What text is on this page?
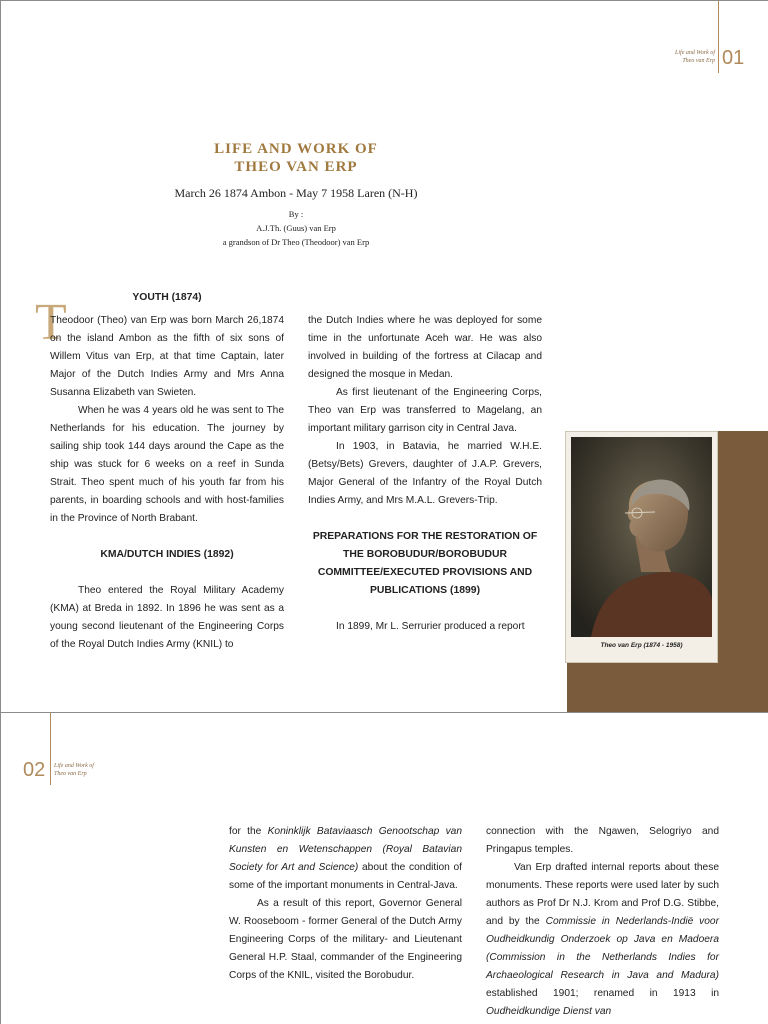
Life and Work of
Theo van Erp 01
LIFE AND WORK OF
THEO VAN ERP
March 26 1874 Ambon - May 7 1958 Laren (N-H)
By :
A.J.Th. (Guus) van Erp
a grandson of Dr Theo (Theodoor) van Erp
T	YOUTH (1874)

Theodoor (Theo) van Erp was born March 26,1874 on the island Ambon as the fifth of six sons of Willem Vitus van Erp, at that time Captain, later Major of the Dutch Indies Army and Mrs Anna Susanna Elizabeth van Swieten.

When he was 4 years old he was sent to The Netherlands for his education. The journey by sailing ship took 144 days around the Cape as the ship was stuck for 6 weeks on a reef in Sunda Strait. Theo spent much of his youth far from his parents, in boarding schools and with host-families in the Province of North Brabant.

KMA/DUTCH INDIES (1892)

Theo entered the Royal Military Academy (KMA) at Breda in 1892. In 1896 he was sent as a young second lieutenant of the Engineering Corps of the Royal Dutch Indies Army (KNIL) to

the Dutch Indies where he was deployed for some time in the unfortunate Aceh war. He was also involved in building of the fortress at Cilacap and designed the mosque in Medan.

As first lieutenant of the Engineering Corps, Theo van Erp was transferred to Magelang, an important military garrison city in Central Java.

In 1903, in Batavia, he married W.H.E. (Betsy/Bets) Grevers, daughter of J.A.P. Grevers, Major General of the Infantry of the Royal Dutch Indies Army, and Mrs M.A.L. Grevers-Trip.

PREPARATIONS FOR THE RESTORATION OF THE BOROBUDUR/BOROBUDUR COMMITTEE/EXECUTED PROVISIONS AND PUBLICATIONS (1899)

In 1899, Mr L. Serrurier produced a report

Theo van Erp (1874 - 1958)
02 Life and Work of
Theo van Erp

for the Koninklijk Bataviaasch Genootschap van Kunsten en Wetenschappen (Royal Batavian Society for Art and Science) about the condition of some of the important monuments in Central-Java.

As a result of this report, Governor General W. Rooseboom - former General of the Dutch Army Engineering Corps of the military- and Lieutenant General H.P. Staal, commander of the Engineering Corps of the KNIL, visited the Borobudur.

connection with the Ngawen, Selogriyo and Pringapus temples.

Van Erp drafted internal reports about these monuments. These reports were used later by such authors as Prof Dr N.J. Krom and Prof D.G. Stibbe, and by the Commissie in Nederlands-Indië voor Oudheidkundig Onderzoek op Java en Madoera (Commission in the Netherlands Indies for Archaeological Research in Java and Madura) established 1901; renamed in 1913 in Oudheidkundige Dienst van
